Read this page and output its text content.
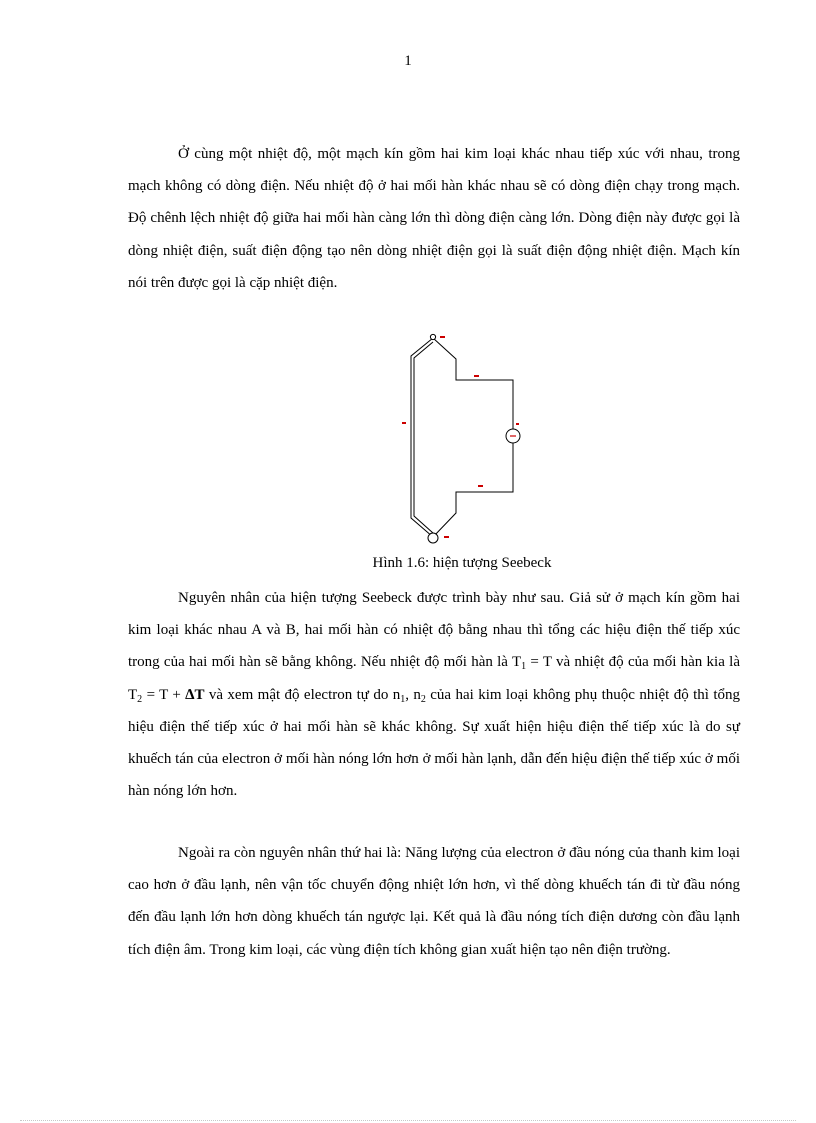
1

Ở cùng một nhiệt độ, một mạch kín gồm hai kim loại khác nhau tiếp xúc với nhau, trong mạch không có dòng điện. Nếu nhiệt độ ở hai mối hàn khác nhau sẽ có dòng điện chạy trong mạch. Độ chênh lệch nhiệt độ giữa hai mối hàn càng lớn thì dòng điện càng lớn. Dòng điện này được gọi là dòng nhiệt điện, suất điện động tạo nên dòng nhiệt điện gọi là suất điện động nhiệt điện. Mạch kín nói trên được gọi là cặp nhiệt điện.

Hình 1.6: hiện tượng Seebeck

Nguyên nhân của hiện tượng Seebeck được trình bày như sau. Giả sử ở mạch kín gồm hai kim loại khác nhau A và B, hai mối hàn có nhiệt độ bằng nhau thì tổng các hiệu điện thế tiếp xúc trong của hai mối hàn sẽ bằng không. Nếu nhiệt độ mối hàn là $T_1 = T$ và nhiệt độ của mối hàn kia là $T_2 = T + \Delta T$ và xem mật độ electron tự do $n_1$, $n_2$ của hai kim loại không phụ thuộc nhiệt độ thì tổng hiệu điện thế tiếp xúc ở hai mối hàn sẽ khác không. Sự xuất hiện hiệu điện thế tiếp xúc là do sự khuếch tán của electron ở mối hàn nóng lớn hơn ở mối hàn lạnh, dẫn đến hiệu điện thế tiếp xúc ở mối hàn nóng lớn hơn.

Ngoài ra còn nguyên nhân thứ hai là: Năng lượng của electron ở đầu nóng của thanh kim loại cao hơn ở đầu lạnh, nên vận tốc chuyển động nhiệt lớn hơn, vì thế dòng khuếch tán đi từ đầu nóng đến đầu lạnh lớn hơn dòng khuếch tán ngược lại. Kết quả là đầu nóng tích điện dương còn đầu lạnh tích điện âm. Trong kim loại, các vùng điện tích không gian xuất hiện tạo nên điện trường.
